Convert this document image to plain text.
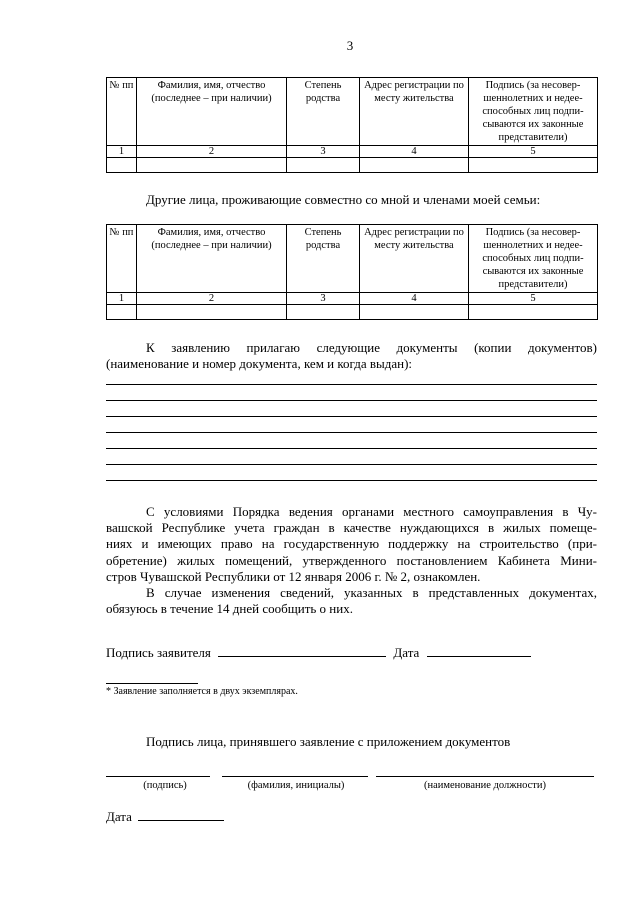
3
№ пп	Фамилия, имя, отчество (последнее – при наличии)	Степень родства	Адрес регистрации по месту жительства	Подпись (за несовер-шеннолетних и недее-способных лиц подпи-сываются их законные представители)
1	2	3	4	5

Другие лица, проживающие совместно со мной и членами моей семьи:
№ пп	Фамилия, имя, отчество (последнее – при наличии)	Степень родства	Адрес регистрации по месту жительства	Подпись (за несовер-шеннолетних и недее-способных лиц подпи-сываются их законные представители)
1	2	3	4	5

К заявлению прилагаю следующие документы (копии документов)
(наименование и номер документа, кем и когда выдан):
С условиями Порядка ведения органами местного самоуправления в Чу-
вашской Республике учета граждан в качестве нуждающихся в жилых помеще-
ниях и имеющих право на государственную поддержку на строительство (при-
обретение) жилых помещений, утвержденного постановлением Кабинета Мини-
стров Чувашской Республики от 12 января 2006 г. № 2, ознакомлен.
В случае изменения сведений, указанных в представленных документах,
обязуюсь в течение 14 дней сообщить о них.
Подпись заявителя	Дата
* Заявление заполняется в двух экземплярах.
Подпись лица, принявшего заявление с приложением документов
(подпись)	(фамилия, инициалы)	(наименование должности)
Дата
